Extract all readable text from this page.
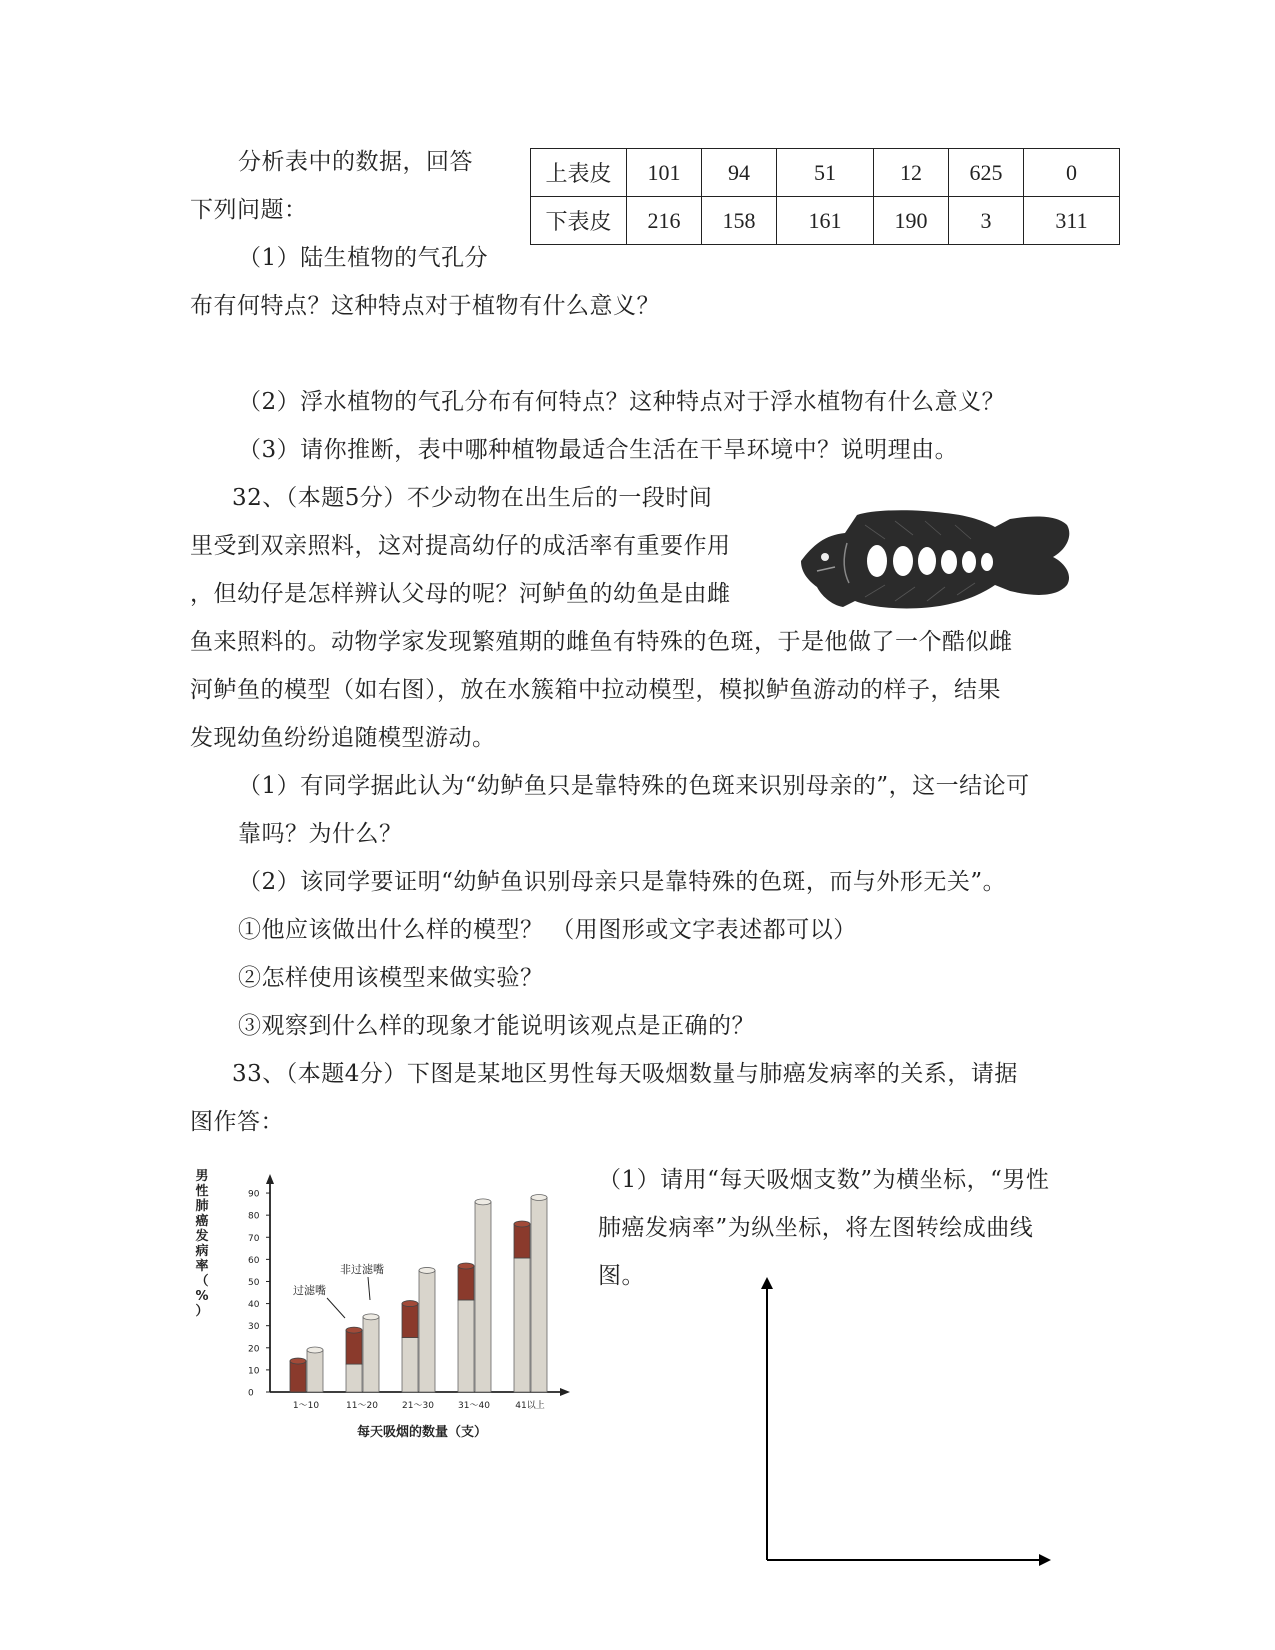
分析表中的数据，回答
下列问题：
上表皮	101	94	51	12	625	0
下表皮	216	158	161	190	3	311
（1）陆生植物的气孔分
布有何特点？这种特点对于植物有什么意义？
（2）浮水植物的气孔分布有何特点？这种特点对于浮水植物有什么意义？
（3）请你推断，表中哪种植物最适合生活在干旱环境中？说明理由。
32、（本题5分）不少动物在出生后的一段时间
里受到双亲照料，这对提高幼仔的成活率有重要作用
，但幼仔是怎样辨认父母的呢？河鲈鱼的幼鱼是由雌
鱼来照料的。动物学家发现繁殖期的雌鱼有特殊的色斑，于是他做了一个酷似雌
河鲈鱼的模型（如右图），放在水簇箱中拉动模型，模拟鲈鱼游动的样子，结果
发现幼鱼纷纷追随模型游动。
（1）有同学据此认为“幼鲈鱼只是靠特殊的色斑来识别母亲的”，这一结论可
靠吗？为什么？
（2）该同学要证明“幼鲈鱼识别母亲只是靠特殊的色斑，而与外形无关”。
①他应该做出什么样的模型？ （用图形或文字表述都可以）
②怎样使用该模型来做实验？
③观察到什么样的现象才能说明该观点是正确的？
33、（本题4分）下图是某地区男性每天吸烟数量与肺癌发病率的关系，请据
图作答：
（1）请用“每天吸烟支数”为横坐标，“男性
肺癌发病率”为纵坐标，将左图转绘成曲线
图。
男
性
肺
癌
发
病
率
（
%
）
0
10
20
30
40
50
60
70
80
90
1～10	11～20	21～30	31～40	41以上
过滤嘴
非过滤嘴
每天吸烟的数量（支）
